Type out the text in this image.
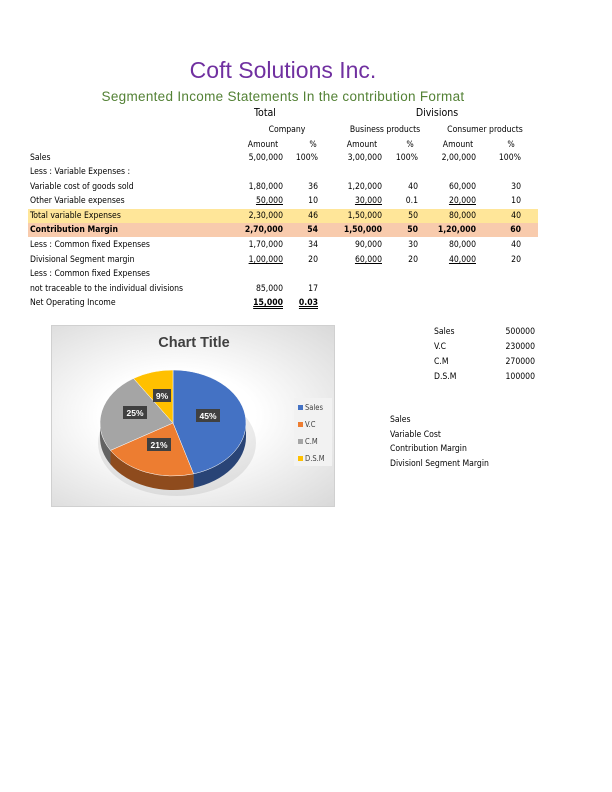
Coft Solutions Inc.
Segmented Income Statements In the contribution Format
Total	Divisions
Company	Business products	Consumer products
Amount	%	Amount	%	Amount	%
Sales	5,00,000 100%	3,00,000 100%	2,00,000	100%
Less : Variable Expenses :
Variable cost of goods sold	1,80,000	36	1,20,000	40	60,000	30
Other Variable expenses	50,000	10	30,000	0.1	20,000	10
Total variable Expenses	2,30,000	46	1,50,000	50	80,000	40
Contribution Margin	2,70,000	54	1,50,000	50 1,20,000	60
Less : Common fixed Expenses	1,70,000	34	90,000	30	80,000	40
Divisional Segment margin	1,00,000	20	60,000	20	40,000	20
Less : Common fixed Expenses
not traceable to the individual divisions	85,000	17
Net Operating Income	15,000 0.03
Sales	500000
V.C	230000
C.M	270000
D.S.M	100000
Sales
Variable Cost
Contribution Margin
Divisionl Segment Margin
Chart Title
45%
21%
25%
9%
Sales
V.C
C.M
D.S.M
